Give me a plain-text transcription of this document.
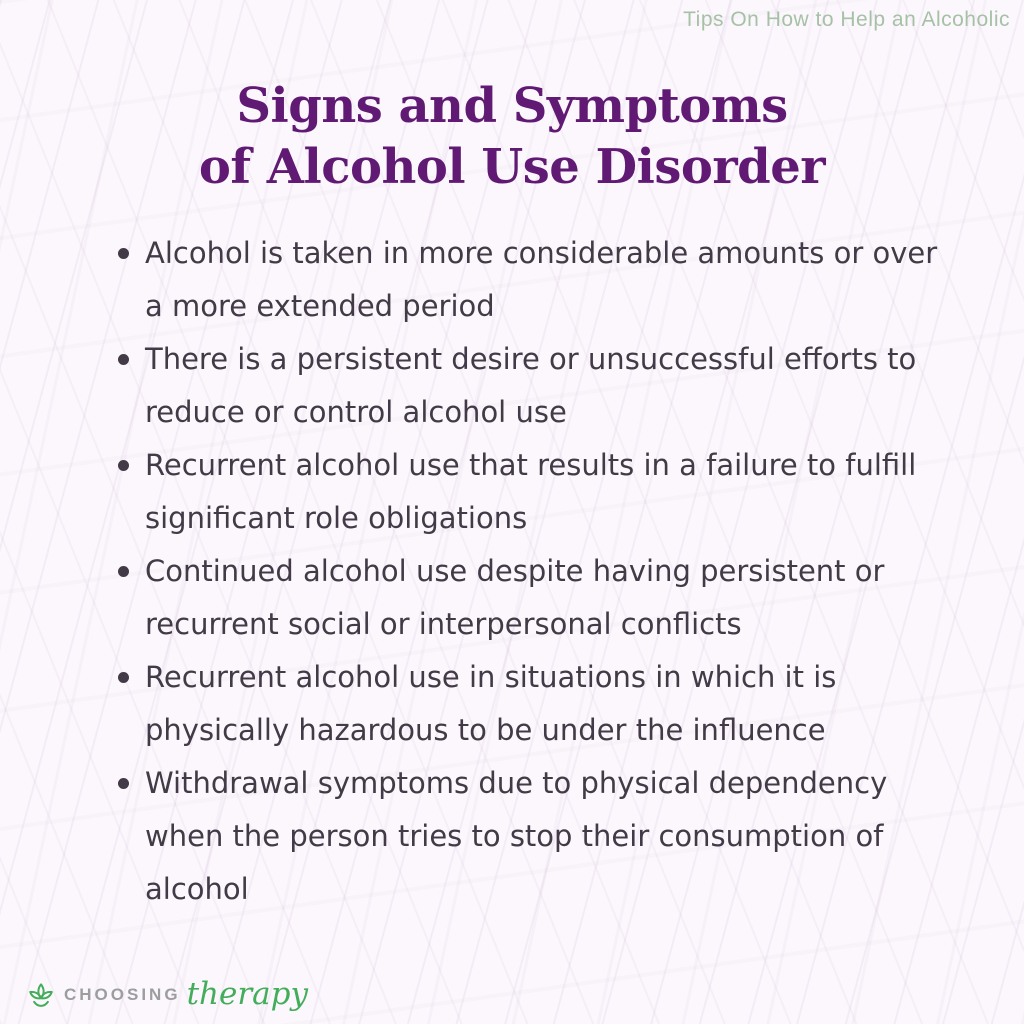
Tips On How to Help an Alcoholic
Signs and Symptoms
of Alcohol Use Disorder
Alcohol is taken in more considerable amounts or over a more extended period
There is a persistent desire or unsuccessful efforts to reduce or control alcohol use
Recurrent alcohol use that results in a failure to fulfill significant role obligations
Continued alcohol use despite having persistent or recurrent social or interpersonal conflicts
Recurrent alcohol use in situations in which it is physically hazardous to be under the influence
Withdrawal symptoms due to physical dependency when the person tries to stop their consumption of alcohol
CHOOSING therapy
